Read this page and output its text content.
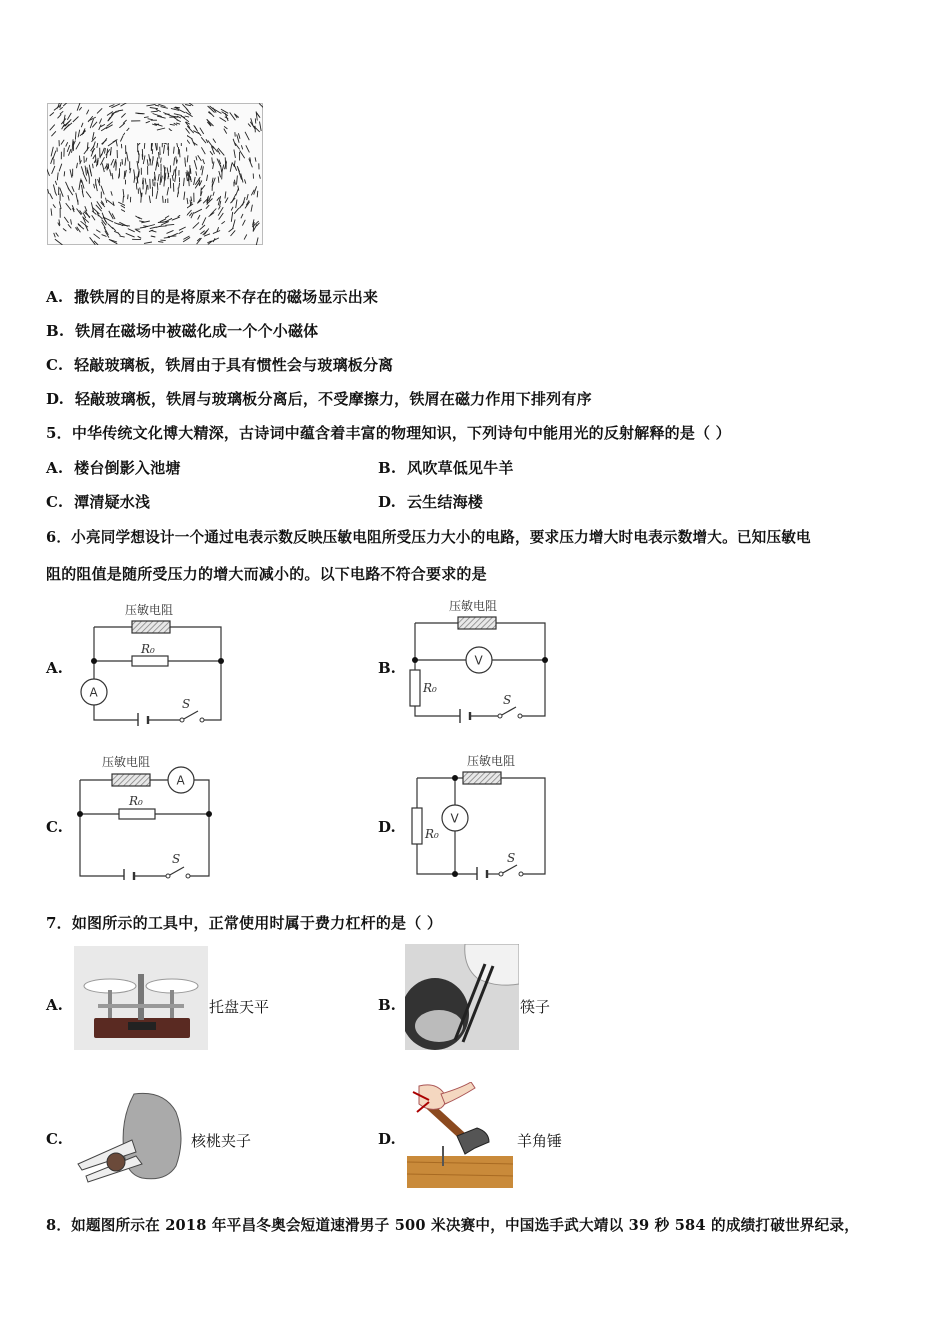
A. 撒铁屑的目的是将原来不存在的磁场显示出来
B. 铁屑在磁场中被磁化成一个个小磁体
C. 轻敲玻璃板，铁屑由于具有惯性会与玻璃板分离
D. 轻敲玻璃板，铁屑与玻璃板分离后，不受摩擦力，铁屑在磁力作用下排列有序
5．中华传统文化博大精深，古诗词中蕴含着丰富的物理知识，下列诗句中能用光的反射解释的是（ ）
A. 楼台倒影入池塘	B. 风吹草低见牛羊
C. 潭清疑水浅	D. 云生结海楼
6．小亮同学想设计一个通过电表示数反映压敏电阻所受压力大小的电路，要求压力增大时电表示数增大。已知压敏电
阻的阻值是随所受压力的增大而减小的。以下电路不符合要求的是
A.	B.
C.	D.
A
压敏电阻
R₀
S
V
R₀
压敏电阻
S
A
R₀
压敏电阻
S
R₀
V
压敏电阻
S
7．如图所示的工具中，正常使用时属于费力杠杆的是（ ）
A.	托盘天平	B.	筷子
C.	核桃夹子	D.	羊角锤
8．如题图所示在 2018 年平昌冬奥会短道速滑男子 500 米决赛中，中国选手武大靖以 39 秒 584 的成绩打破世界纪录，
